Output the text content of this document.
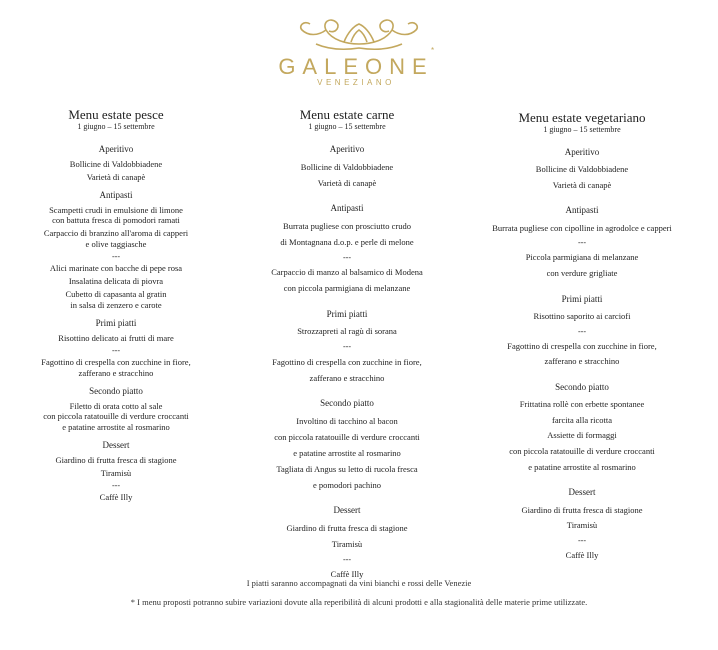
GALEONE
*
VENEZIANO
Menu estate pesce
1 giugno – 15 settembre
Aperitivo
Bollicine di Valdobbiadene
Varietà di canapè
Antipasti
Scampetti crudi in emulsione di limone
con battuta fresca di pomodori ramati
Carpaccio di branzino all'aroma di capperi
e olive taggiasche
---
Alici marinate con bacche di pepe rosa
Insalatina delicata di piovra
Cubetto di capasanta al gratin
in salsa di zenzero e carote
Primi piatti
Risottino delicato ai frutti di mare
---
Fagottino di crespella con zucchine in fiore,
zafferano e stracchino
Secondo piatto
Filetto di orata cotto al sale
con piccola ratatouille di verdure croccanti
e patatine arrostite al rosmarino
Dessert
Giardino di frutta fresca di stagione
Tiramisù
---
Caffè Illy
Menu estate carne
1 giugno – 15 settembre
Aperitivo
Bollicine di Valdobbiadene
Varietà di canapè
Antipasti
Burrata pugliese con prosciutto crudo
di Montagnana d.o.p. e perle di melone
---
Carpaccio di manzo al balsamico di Modena
con piccola parmigiana di melanzane
Primi piatti
Strozzapreti al ragù di sorana
---
Fagottino di crespella con zucchine in fiore,
zafferano e stracchino
Secondo piatto
Involtino di tacchino al bacon
con piccola ratatouille di verdure croccanti
e patatine arrostite al rosmarino
Tagliata di Angus su letto di rucola fresca
e pomodori pachino
Dessert
Giardino di frutta fresca di stagione
Tiramisù
---
Caffè Illy
Menu estate vegetariano
1 giugno – 15 settembre
Aperitivo
Bollicine di Valdobbiadene
Varietà di canapè
Antipasti
Burrata pugliese con cipolline in agrodolce e capperi
---
Piccola parmigiana di melanzane
con verdure grigliate
Primi piatti
Risottino saporito ai carciofi
---
Fagottino di crespella con zucchine in fiore,
zafferano e stracchino
Secondo piatto
Frittatina rollè con erbette spontanee
farcita alla ricotta
Assiette di formaggi
con piccola ratatouille di verdure croccanti
e patatine arrostite al rosmarino
Dessert
Giardino di frutta fresca di stagione
Tiramisù
---
Caffè Illy
I piatti saranno accompagnati da vini bianchi e rossi delle Venezie
* I menu proposti potranno subire variazioni dovute alla reperibilità di alcuni prodotti e alla stagionalità delle materie prime utilizzate.
